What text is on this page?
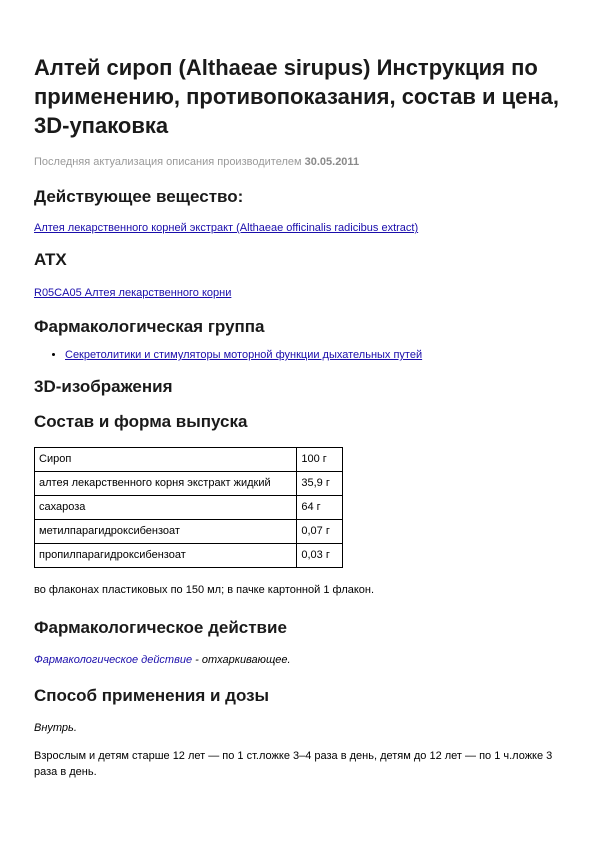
Алтей сироп (Althaeae sirupus) Инструкция по применению, противопоказания, состав и цена, 3D-упаковка
Последняя актуализация описания производителем 30.05.2011
Действующее вещество:
Алтея лекарственного корней экстракт (Althaeae officinalis radicibus extract)
ATX
R05CA05 Алтея лекарственного корни
Фармакологическая группа
• Секретолитики и стимуляторы моторной функции дыхательных путей
3D-изображения
Состав и форма выпуска
Сироп	100 г
алтея лекарственного корня экстракт жидкий	35,9 г
сахароза	64 г
метилпарагидроксибензоат	0,07 г
пропилпарагидроксибензоат	0,03 г
во флаконах пластиковых по 150 мл; в пачке картонной 1 флакон.
Фармакологическое действие
Фармакологическое действие - отхаркивающее.
Способ применения и дозы
Внутрь.
Взрослым и детям старше 12 лет — по 1 ст.ложке 3–4 раза в день, детям до 12 лет — по 1 ч.ложке 3 раза в день.
